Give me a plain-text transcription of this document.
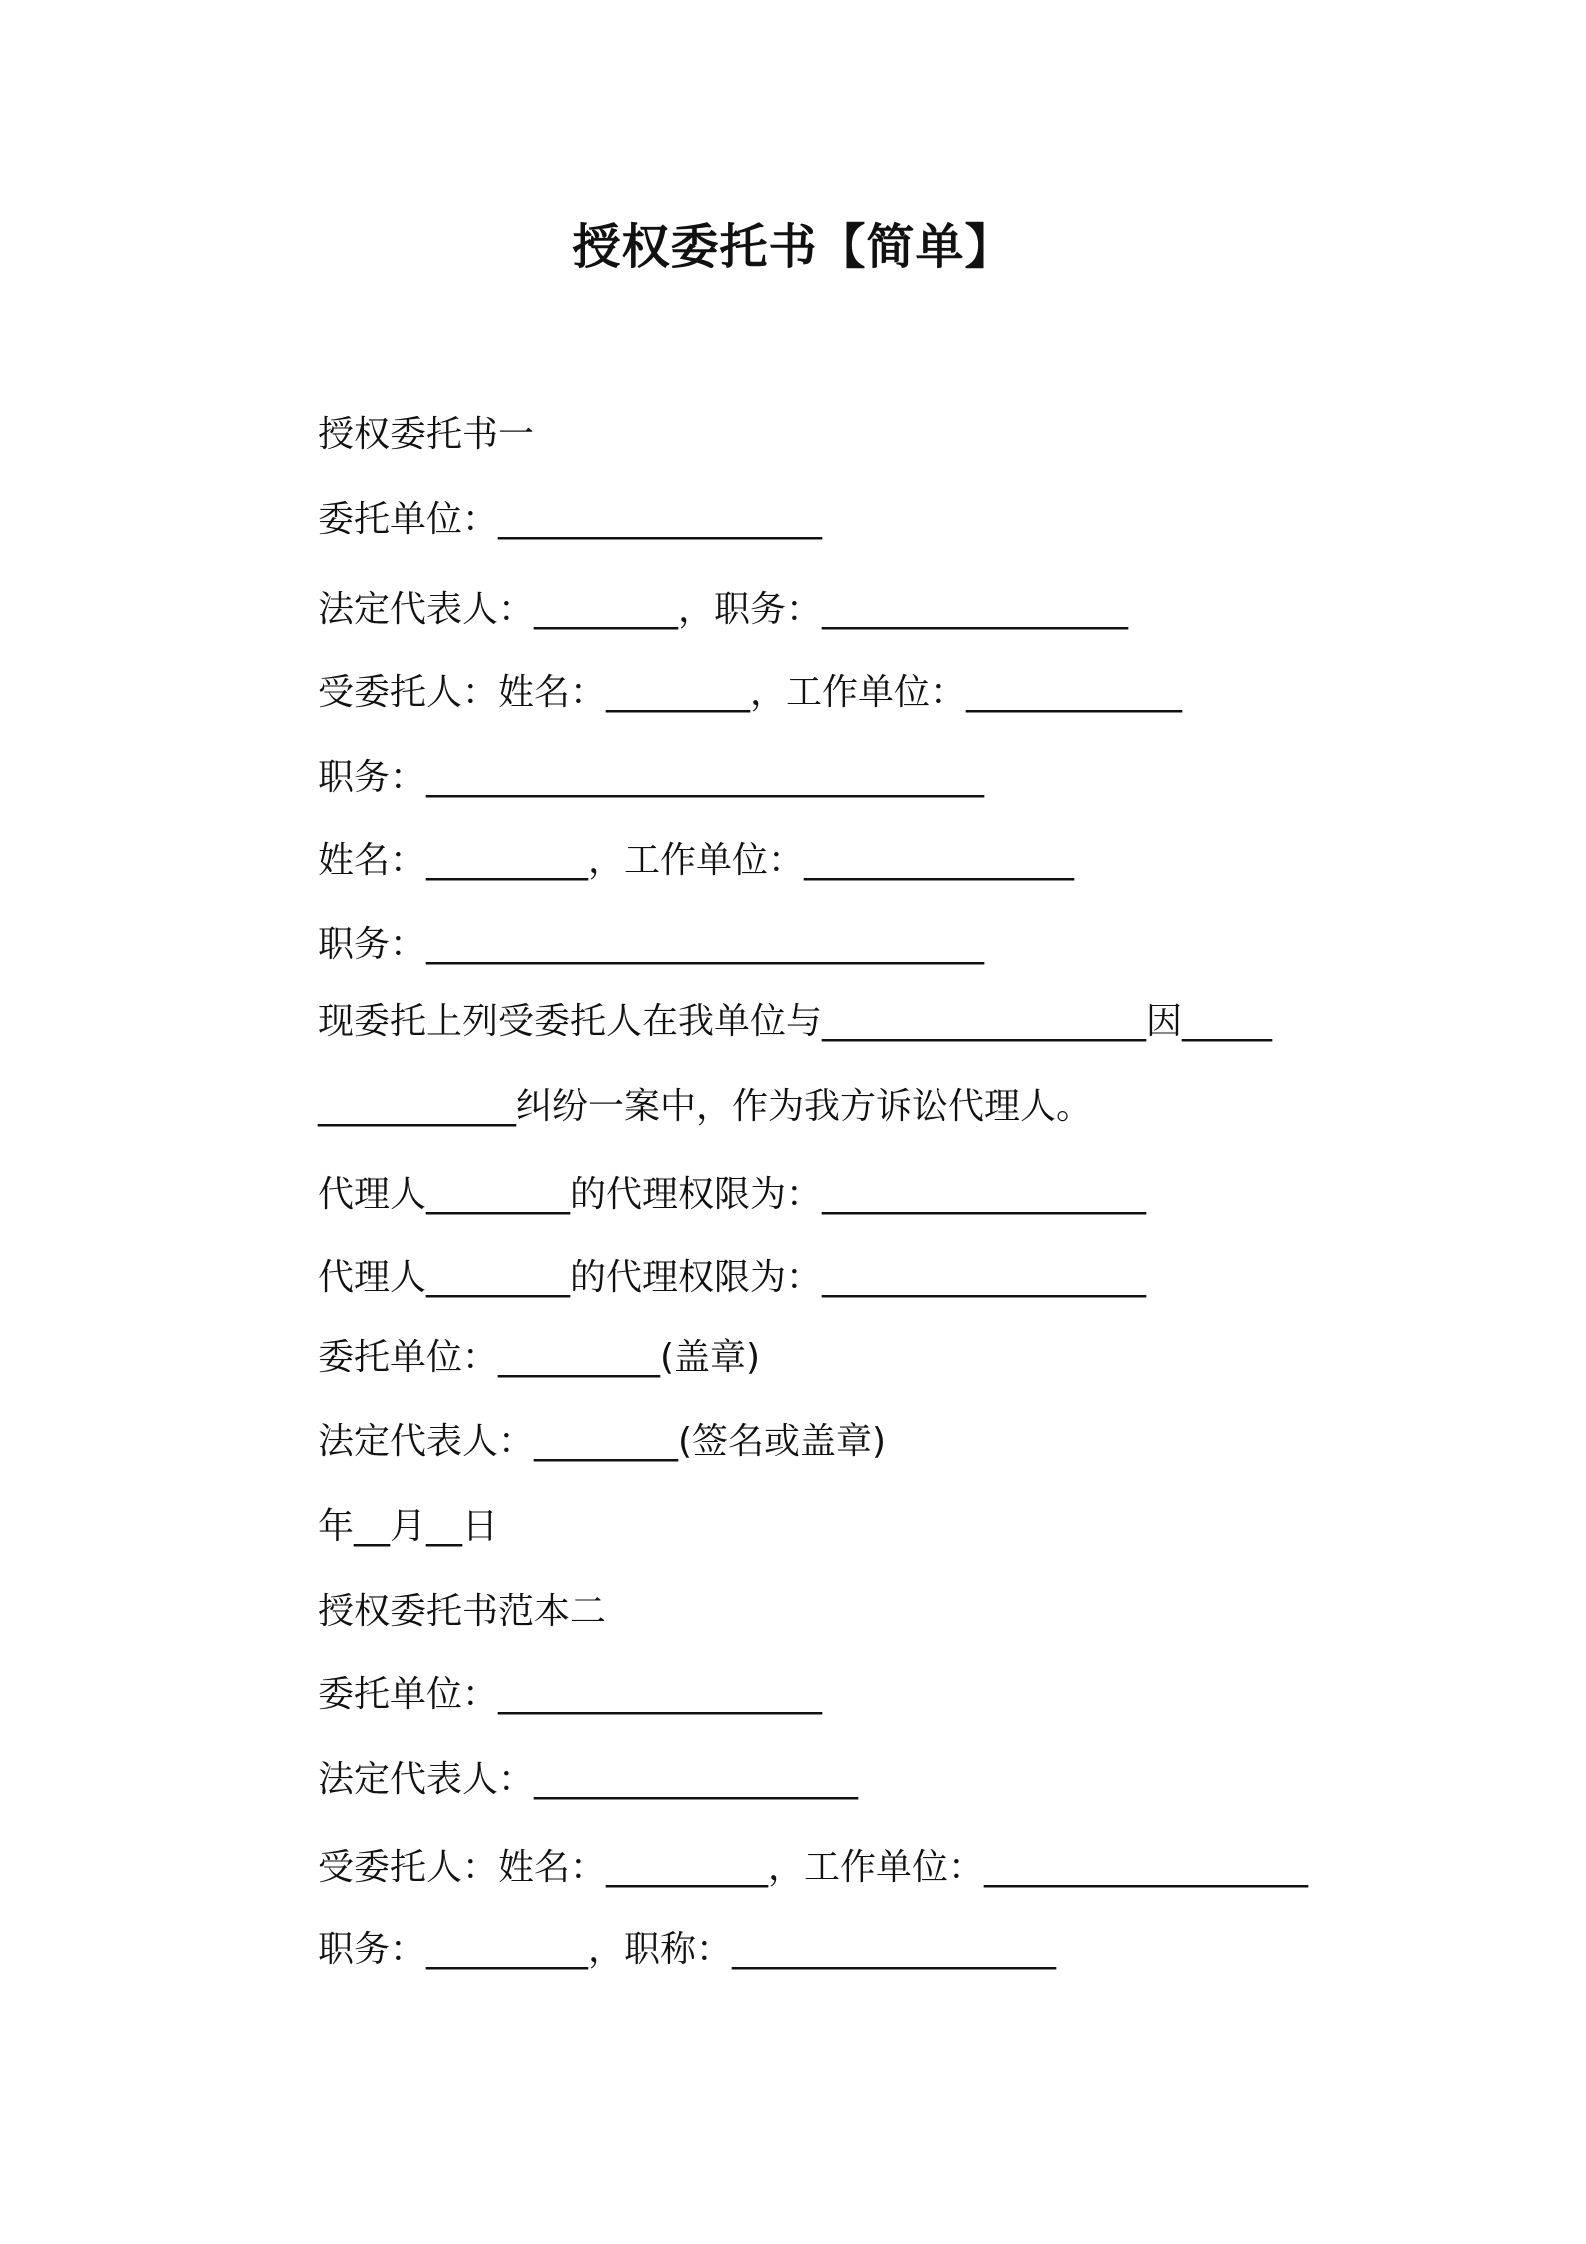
授权委托书【简单】

授权委托书一

委托单位：__________________

法定代表人：________，职务：_________________

受委托人：姓名：________，工作单位：____________

职务：_______________________________

姓名：_________，工作单位：_______________

职务：_______________________________

现委托上列受委托人在我单位与__________________因_____

___________纠纷一案中，作为我方诉讼代理人。

代理人________的代理权限为：__________________

代理人________的代理权限为：__________________

委托单位：_________(盖章)

法定代表人：________(签名或盖章)

年__月__日

授权委托书范本二

委托单位：__________________

法定代表人：__________________

受委托人：姓名：_________，工作单位：__________________

职务：_________，职称：__________________
